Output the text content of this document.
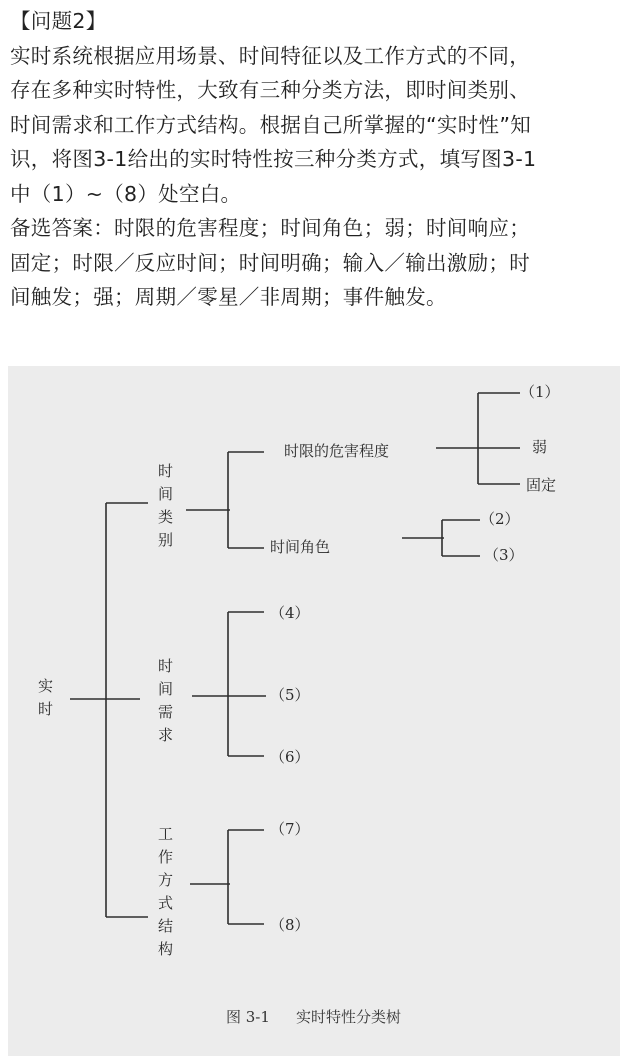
【问题2】
实时系统根据应用场景、时间特征以及工作方式的不同，
存在多种实时特性，大致有三种分类方法，即时间类别、
时间需求和工作方式结构。根据自己所掌握的“实时性”知
识，将图3-1给出的实时特性按三种分类方式，填写图3-1
中（1）~（8）处空白。
备选答案：时限的危害程度；时间角色；弱；时间响应；
固定；时限／反应时间；时间明确；输入／输出激励；时
间触发；强；周期／零星／非周期；事件触发。
实
时
时
间
类
别
时限的危害程度
时间角色
（1）
弱
固定
（2）
（3）
时
间
需
求
（4）
（5）
（6）
工
作
方
式
结
构
（7）
（8）
图 3-1 实时特性分类树
